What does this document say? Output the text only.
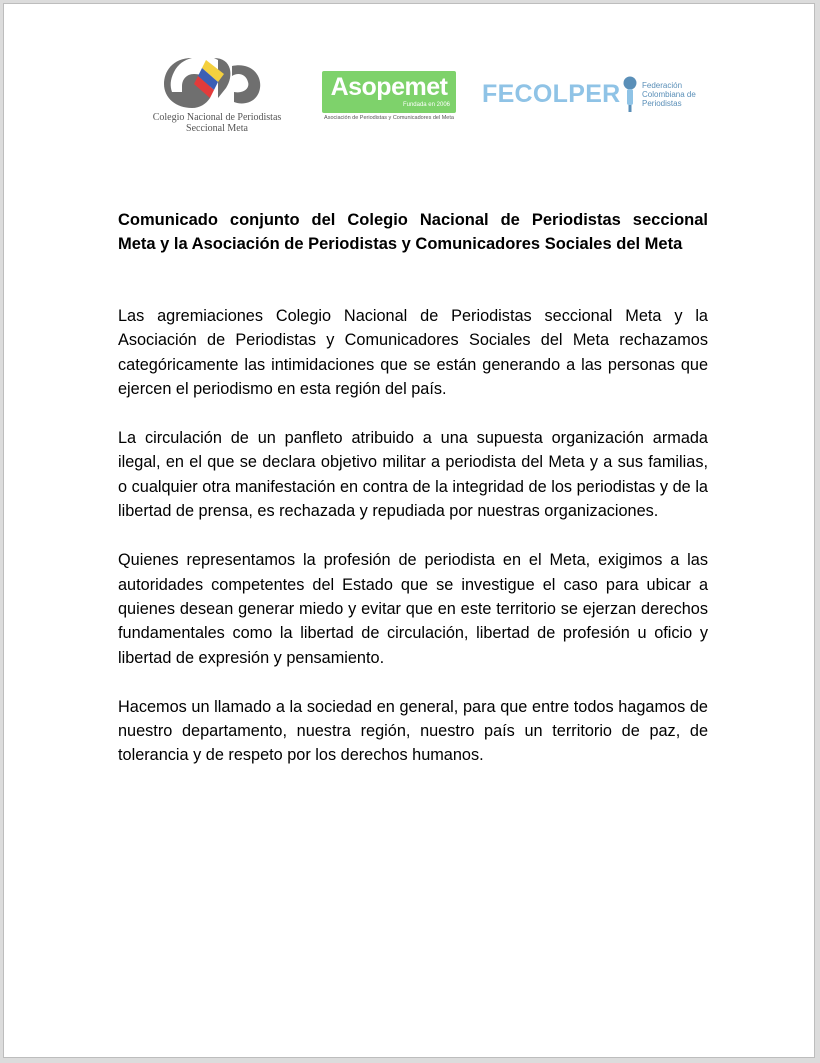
Colegio Nacional de Periodistas
Seccional Meta
Asopemet
Fundada en 2006
Asociación de Periodistas y Comunicadores del Meta
FECOLPER	Federación
Colombiana de
Periodistas
Comunicado conjunto del Colegio Nacional de Periodistas seccional
Meta y la Asociación de Periodistas y Comunicadores Sociales del Meta

Las agremiaciones Colegio Nacional de Periodistas seccional Meta y la Asociación de Periodistas y Comunicadores Sociales del Meta rechazamos categóricamente las intimidaciones que se están generando a las personas que ejercen el periodismo en esta región del país.

La circulación de un panfleto atribuido a una supuesta organización armada ilegal, en el que se declara objetivo militar a periodista del Meta y a sus familias, o cualquier otra manifestación en contra de la integridad de los periodistas y de la libertad de prensa, es rechazada y repudiada por nuestras organizaciones.

Quienes representamos la profesión de periodista en el Meta, exigimos a las autoridades competentes del Estado que se investigue el caso para ubicar a quienes desean generar miedo y evitar que en este territorio se ejerzan derechos fundamentales como la libertad de circulación, libertad de profesión u oficio y libertad de expresión y pensamiento.

Hacemos un llamado a la sociedad en general, para que entre todos hagamos de nuestro departamento, nuestra región, nuestro país un territorio de paz, de tolerancia y de respeto por los derechos humanos.
